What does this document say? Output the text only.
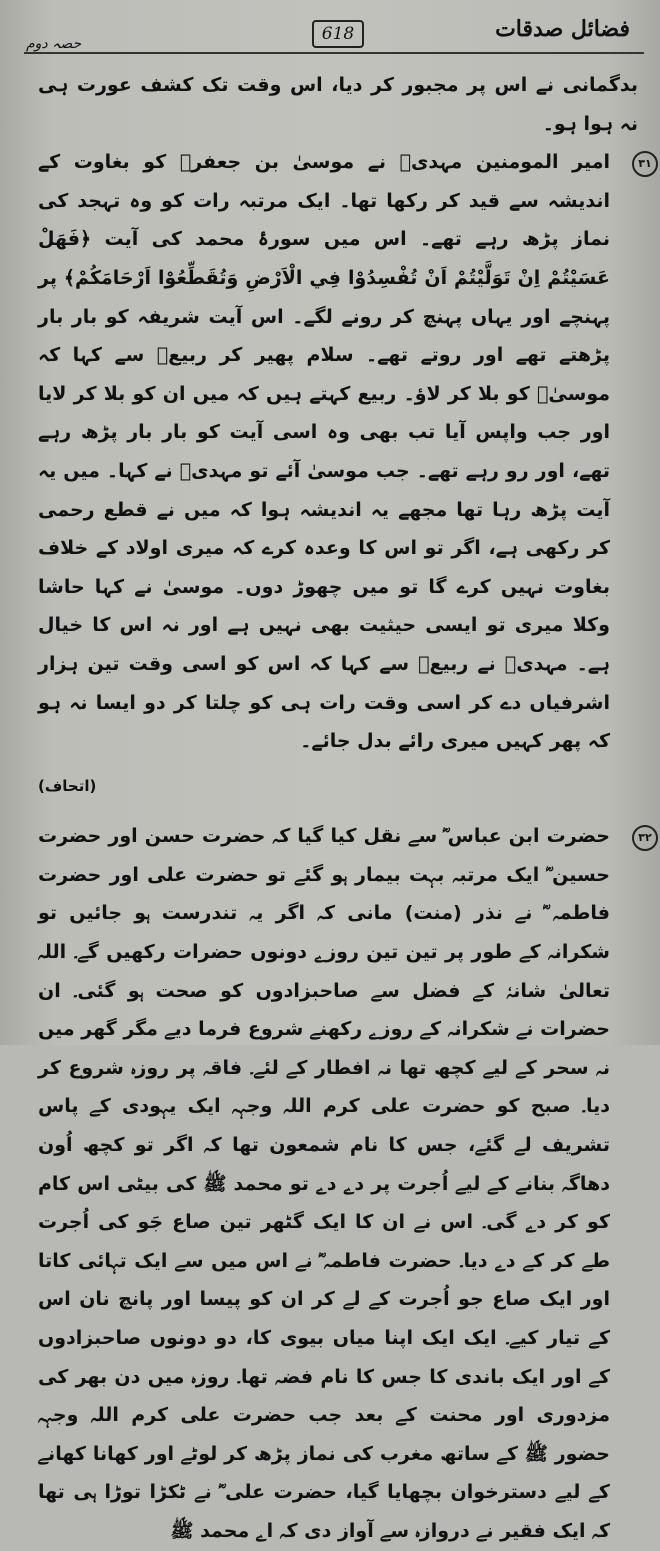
فضائل صدقات
618
حصہ دوم

بدگمانی نے اس پر مجبور کر دیا، اس وقت تک کشف عورت ہی نہ ہوا ہو۔

۳۱

امیر المومنین مہدیؒ نے موسیٰ بن جعفرؒ کو بغاوت کے اندیشہ سے قید کر رکھا تھا۔ ایک مرتبہ رات کو وہ تہجد کی نماز پڑھ رہے تھے۔ اس میں سورۂ محمد کی آیت ﴿فَهَلْ عَسَيْتُمْ اِنْ تَوَلَّيْتُمْ اَنْ تُفْسِدُوْا فِي الْاَرْضِ وَتُقَطِّعُوْا اَرْحَامَكُمْ﴾ پر پہنچے اور یہاں پہنچ کر رونے لگے۔ اس آیت شریفہ کو بار بار پڑھتے تھے اور روتے تھے۔ سلام پھیر کر ربیعؒ سے کہا کہ موسیٰؒ کو بلا کر لاؤ۔ ربیع کہتے ہیں کہ میں ان کو بلا کر لایا اور جب واپس آیا تب بھی وہ اسی آیت کو بار بار پڑھ رہے تھے، اور رو رہے تھے۔ جب موسیٰ آئے تو مہدیؒ نے کہا۔ میں یہ آیت پڑھ رہا تھا مجھے یہ اندیشہ ہوا کہ میں نے قطع رحمی کر رکھی ہے، اگر تو اس کا وعدہ کرے کہ میری اولاد کے خلاف بغاوت نہیں کرے گا تو میں چھوڑ دوں۔ موسیٰ نے کہا حاشا وکلا میری تو ایسی حیثیت بھی نہیں ہے اور نہ اس کا خیال ہے۔ مہدیؒ نے ربیعؒ سے کہا کہ اس کو اسی وقت تین ہزار اشرفیاں دے کر اسی وقت رات ہی کو چلتا کر دو ایسا نہ ہو کہ پھر کہیں میری رائے بدل جائے۔

(اتحاف)
۳۲

حضرت ابن عباس ؓ سے نقل کیا گیا کہ حضرت حسن اور حضرت حسین ؓ ایک مرتبہ بہت بیمار ہو گئے تو حضرت علی اور حضرت فاطمہ ؓ نے نذر (منت) مانی کہ اگر یہ تندرست ہو جائیں تو شکرانہ کے طور پر تین تین روزے دونوں حضرات رکھیں گے۔ اللہ تعالیٰ شانہٗ کے فضل سے صاحبزادوں کو صحت ہو گئی۔ ان حضرات نے شکرانہ کے روزے رکھنے شروع فرما دیے مگر گھر میں نہ سحر کے لیے کچھ تھا نہ افطار کے لئے۔ فاقہ پر روزہ شروع کر دیا۔ صبح کو حضرت علی کرم اللہ وجہہ ایک یہودی کے پاس تشریف لے گئے، جس کا نام شمعون تھا کہ اگر تو کچھ اُون دھاگہ بنانے کے لیے اُجرت پر دے دے تو محمد ﷺ کی بیٹی اس کام کو کر دے گی۔ اس نے ان کا ایک گٹھر تین صاع جَو کی اُجرت طے کر کے دے دیا۔ حضرت فاطمہ ؓ نے اس میں سے ایک تہائی کاتا اور ایک صاع جو اُجرت کے لے کر ان کو پیسا اور پانچ نان اس کے تیار کیے۔ ایک ایک اپنا میاں بیوی کا، دو دونوں صاحبزادوں کے اور ایک باندی کا جس کا نام فضہ تھا۔ روزہ میں دن بھر کی مزدوری اور محنت کے بعد جب حضرت علی کرم اللہ وجہہ حضور ﷺ کے ساتھ مغرب کی نماز پڑھ کر لوٹے اور کھانا کھانے کے لیے دسترخوان بچھایا گیا، حضرت علی ؓ نے ٹکڑا توڑا ہی تھا کہ ایک فقیر نے دروازہ سے آواز دی کہ اے محمد ﷺ
